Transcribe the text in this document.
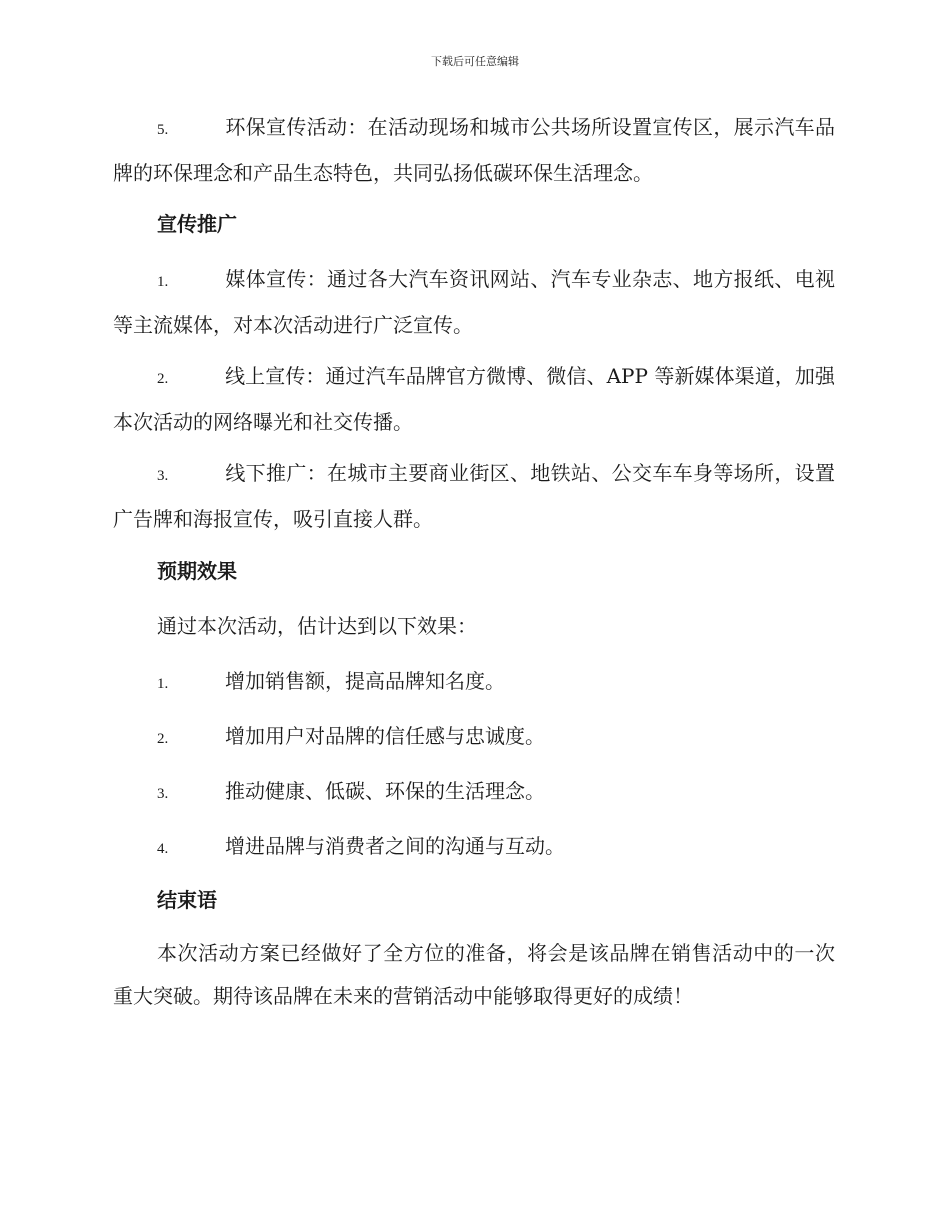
下载后可任意编辑

5.	环保宣传活动：在活动现场和城市公共场所设置宣传区，展示汽车品牌的环保理念和产品生态特色，共同弘扬低碳环保生活理念。

宣传推广

1.	媒体宣传：通过各大汽车资讯网站、汽车专业杂志、地方报纸、电视等主流媒体，对本次活动进行广泛宣传。

2.	线上宣传：通过汽车品牌官方微博、微信、APP 等新媒体渠道，加强本次活动的网络曝光和社交传播。

3.	线下推广：在城市主要商业街区、地铁站、公交车车身等场所，设置广告牌和海报宣传，吸引直接人群。

预期效果

通过本次活动，估计达到以下效果：

1.	增加销售额，提高品牌知名度。

2.	增加用户对品牌的信任感与忠诚度。

3.	推动健康、低碳、环保的生活理念。

4.	增进品牌与消费者之间的沟通与互动。

结束语

本次活动方案已经做好了全方位的准备，将会是该品牌在销售活动中的一次重大突破。期待该品牌在未来的营销活动中能够取得更好的成绩！
